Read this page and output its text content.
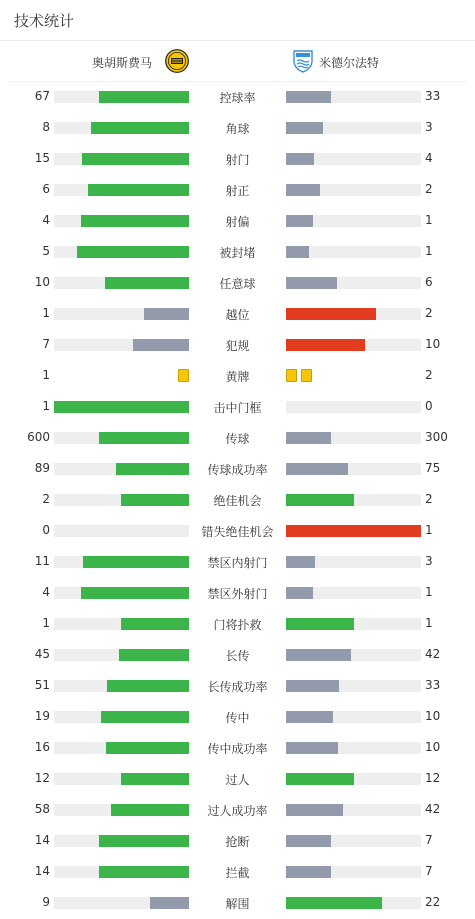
技术统计
奥胡斯费马	米德尔法特
67	控球率	33
8	角球	3
15	射门	4
6	射正	2
4	射偏	1
5	被封堵	1
10	任意球	6
1	越位	2
7	犯规	10
1	黄牌	2
1	击中门框	0
600	传球	300
89	传球成功率	75
2	绝佳机会	2
0	错失绝佳机会	1
11	禁区内射门	3
4	禁区外射门	1
1	门将扑救	1
45	长传	42
51	长传成功率	33
19	传中	10
16	传中成功率	10
12	过人	12
58	过人成功率	42
14	抢断	7
14	拦截	7
9	解围	22
